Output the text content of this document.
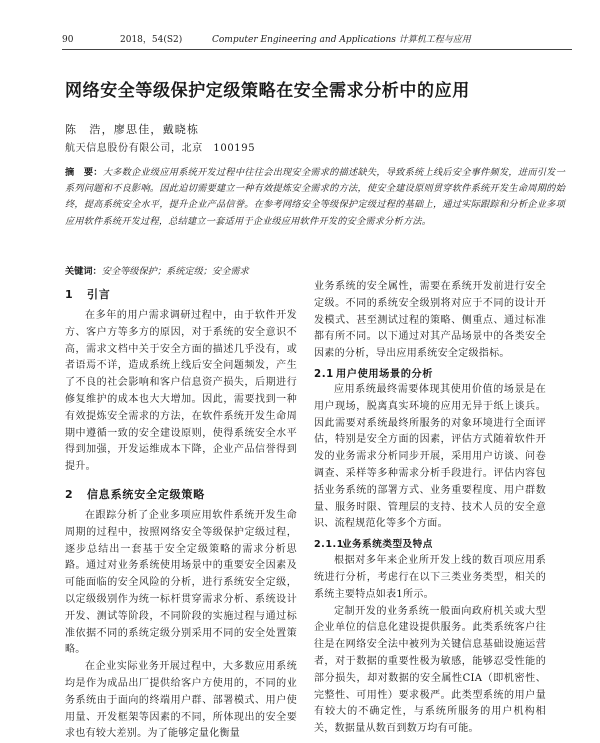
90	2018，54(S2)	Computer Engineering and Applications 计算机工程与应用
网络安全等级保护定级策略在安全需求分析中的应用
陈　浩，廖思佳，戴晓栋
航天信息股份有限公司，北京　100195
摘　要：大多数企业级应用系统开发过程中往往会出现安全需求的描述缺失，导致系统上线后安全事件频发，进而引发一系列问题和不良影响。因此迫切需要建立一种有效提炼安全需求的方法，使安全建设原则贯穿软件系统开发生命周期的始终，提高系统安全水平，提升企业产品信誉。在参考网络安全等级保护定级过程的基础上，通过实际跟踪和分析企业多项应用软件系统开发过程，总结建立一套适用于企业级应用软件开发的安全需求分析方法。
关键词：安全等级保护；系统定级；安全需求
1 引言

在多年的用户需求调研过程中，由于软件开发方、客户方等多方的原因，对于系统的安全意识不高，需求文档中关于安全方面的描述几乎没有，或者语焉不详，造成系统上线后安全问题频发，产生了不良的社会影响和客户信息资产损失，后期进行修复维护的成本也大大增加。因此，需要找到一种有效提炼安全需求的方法，在软件系统开发生命周期中遵循一致的安全建设原则，使得系统安全水平得到加强，开发运维成本下降，企业产品信誉得到提升。

2 信息系统安全定级策略

在跟踪分析了企业多项应用软件系统开发生命周期的过程中，按照网络安全等级保护定级过程，逐步总结出一套基于安全定级策略的需求分析思路。通过对业务系统使用场景中的重要安全因素及可能面临的安全风险的分析，进行系统安全定级，以定级级别作为统一标杆贯穿需求分析、系统设计开发、测试等阶段，不同阶段的实施过程与通过标准依据不同的系统定级分别采用不同的安全处置策略。

在企业实际业务开展过程中，大多数应用系统均是作为成品出厂提供给客户方使用的，不同的业务系统由于面向的终端用户群、部署模式、用户使用量、开发框架等因素的不同，所体现出的安全要求也有较大差别。为了能够定量化衡量

业务系统的安全属性，需要在系统开发前进行安全定级。不同的系统安全级别将对应于不同的设计开发模式、甚至测试过程的策略、侧重点、通过标准都有所不同。以下通过对其产品场景中的各类安全因素的分析，导出应用系统安全定级指标。

2.1 用户使用场景的分析

应用系统最终需要体现其使用价值的场景是在用户现场，脱离真实环境的应用无异于纸上谈兵。因此需要对系统最终所服务的对象环境进行全面评估，特别是安全方面的因素，评估方式随着软件开发的业务需求分析同步开展，采用用户访谈、问卷调查、采样等多种需求分析手段进行。评估内容包括业务系统的部署方式、业务重要程度、用户群数量、服务时限、管理层的支持、技术人员的安全意识、流程规范化等多个方面。

2.1.1业务系统类型及特点

根据对多年来企业所开发上线的数百项应用系统进行分析，考虑行在以下三类业务类型，相关的系统主要特点如表1所示。

定制开发的业务系统一般面向政府机关或大型企业单位的信息化建设提供服务。此类系统客户往往是在网络安全法中被列为关键信息基础设施运营者，对于数据的重要性极为敏感，能够忍受性能的部分损失，却对数据的安全属性CIA（即机密性、完整性、可用性）要求极严。此类型系统的用户量有较大的不确定性，与系统所服务的用户机构相关，数据量从数百到数万均有可能。
